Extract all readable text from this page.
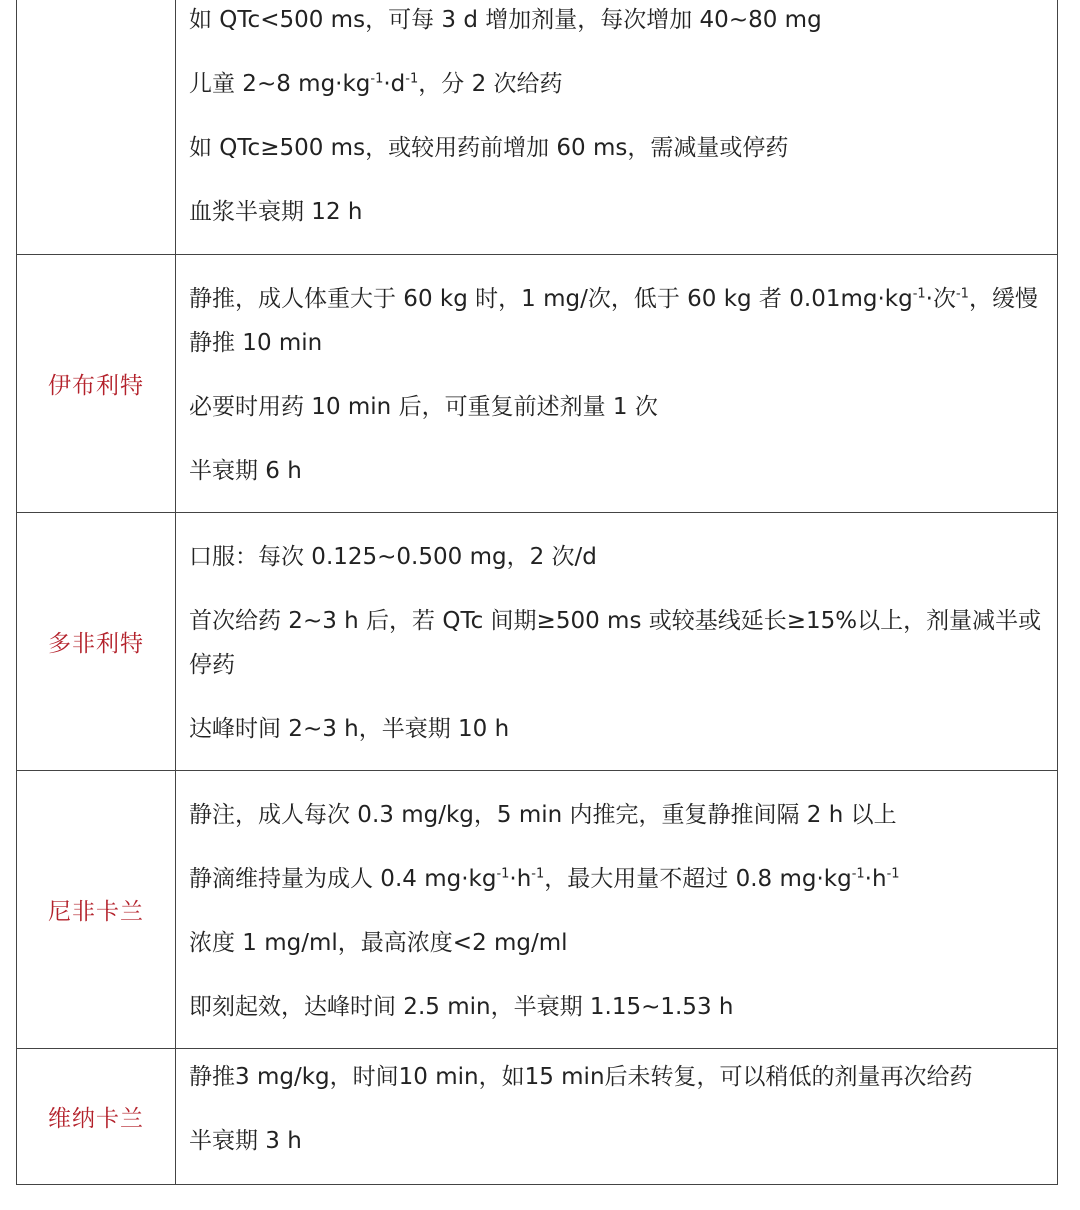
	如 QTc<500 ms，可每 3 d 增加剂量，每次增加 40~80 mg

儿童 2~8 $mg\cdot kg^{-1}\cdot d^{-1}$，分 2 次给药

如 QTc≥500 ms，或较用药前增加 60 ms，需减量或停药

血浆半衰期 12 h

伊布利特	静推，成人体重大于 60 kg 时，1 mg/次，低于 60 kg 者 $0.01mg\cdot kg^{-1}\cdot$次$^{-1}$，缓慢静推 10 min

必要时用药 10 min 后，可重复前述剂量 1 次

半衰期 6 h

多非利特	口服：每次 0.125~0.500 mg，2 次/d

首次给药 2~3 h 后，若 QTc 间期≥500 ms 或较基线延长≥15%以上，剂量减半或停药

达峰时间 2~3 h，半衰期 10 h

尼非卡兰	静注，成人每次 0.3 mg/kg，5 min 内推完，重复静推间隔 2 h 以上

静滴维持量为成人 0.4 $mg\cdot kg^{-1}\cdot h^{-1}$，最大用量不超过 0.8 $mg\cdot kg^{-1}\cdot h^{-1}$

浓度 1 mg/ml，最高浓度<2 mg/ml

即刻起效，达峰时间 2.5 min，半衰期 1.15~1.53 h

维纳卡兰	静推3 mg/kg，时间10 min，如15 min后未转复，可以稍低的剂量再次给药

半衰期 3 h
